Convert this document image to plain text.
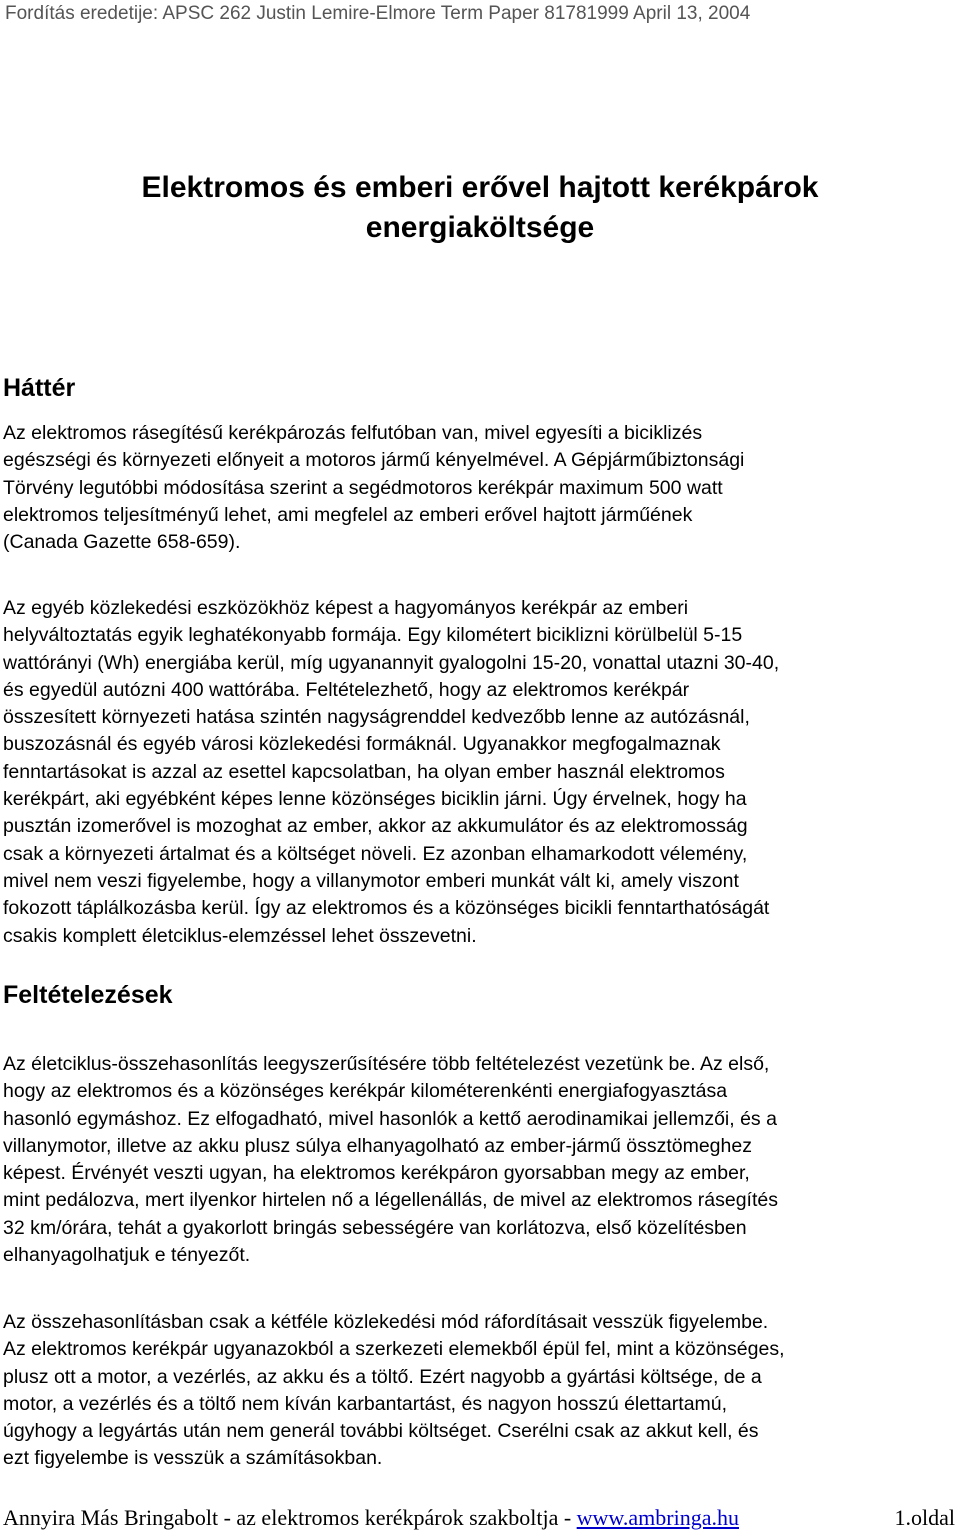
Fordítás eredetije: APSC 262 Justin Lemire-Elmore Term Paper 81781999 April 13, 2004
Elektromos és emberi erővel hajtott kerékpárok
energiaköltsége
Háttér

Az elektromos rásegítésű kerékpározás felfutóban van, mivel egyesíti a biciklizés
egészségi és környezeti előnyeit a motoros jármű kényelmével. A Gépjárműbiztonsági
Törvény legutóbbi módosítása szerint a segédmotoros kerékpár maximum 500 watt
elektromos teljesítményű lehet, ami megfelel az emberi erővel hajtott járműének
(Canada Gazette 658-659).

Az egyéb közlekedési eszközökhöz képest a hagyományos kerékpár az emberi
helyváltoztatás egyik leghatékonyabb formája. Egy kilométert biciklizni körülbelül 5-15
wattórányi (Wh) energiába kerül, míg ugyanannyit gyalogolni 15-20, vonattal utazni 30-40,
és egyedül autózni 400 wattórába. Feltételezhető, hogy az elektromos kerékpár
összesített környezeti hatása szintén nagyságrenddel kedvezőbb lenne az autózásnál,
buszozásnál és egyéb városi közlekedési formáknál. Ugyanakkor megfogalmaznak
fenntartásokat is azzal az esettel kapcsolatban, ha olyan ember használ elektromos
kerékpárt, aki egyébként képes lenne közönséges biciklin járni. Úgy érvelnek, hogy ha
pusztán izomerővel is mozoghat az ember, akkor az akkumulátor és az elektromosság
csak a környezeti ártalmat és a költséget növeli. Ez azonban elhamarkodott vélemény,
mivel nem veszi figyelembe, hogy a villanymotor emberi munkát vált ki, amely viszont
fokozott táplálkozásba kerül. Így az elektromos és a közönséges bicikli fenntarthatóságát
csakis komplett életciklus-elemzéssel lehet összevetni.

Feltételezések

Az életciklus-összehasonlítás leegyszerűsítésére több feltételezést vezetünk be. Az első,
hogy az elektromos és a közönséges kerékpár kilométerenkénti energiafogyasztása
hasonló egymáshoz. Ez elfogadható, mivel hasonlók a kettő aerodinamikai jellemzői, és a
villanymotor, illetve az akku plusz súlya elhanyagolható az ember-jármű össztömeghez
képest. Érvényét veszti ugyan, ha elektromos kerékpáron gyorsabban megy az ember,
mint pedálozva, mert ilyenkor hirtelen nő a légellenállás, de mivel az elektromos rásegítés
32 km/órára, tehát a gyakorlott bringás sebességére van korlátozva, első közelítésben
elhanyagolhatjuk e tényezőt.

Az összehasonlításban csak a kétféle közlekedési mód ráfordításait vesszük figyelembe.
Az elektromos kerékpár ugyanazokból a szerkezeti elemekből épül fel, mint a közönséges,
plusz ott a motor, a vezérlés, az akku és a töltő. Ezért nagyobb a gyártási költsége, de a
motor, a vezérlés és a töltő nem kíván karbantartást, és nagyon hosszú élettartamú,
úgyhogy a legyártás után nem generál további költséget. Cserélni csak az akkut kell, és
ezt figyelembe is vesszük a számításokban.

Annyira Más Bringabolt - az elektromos kerékpárok szakboltja - www.ambringa.hu	1.oldal
